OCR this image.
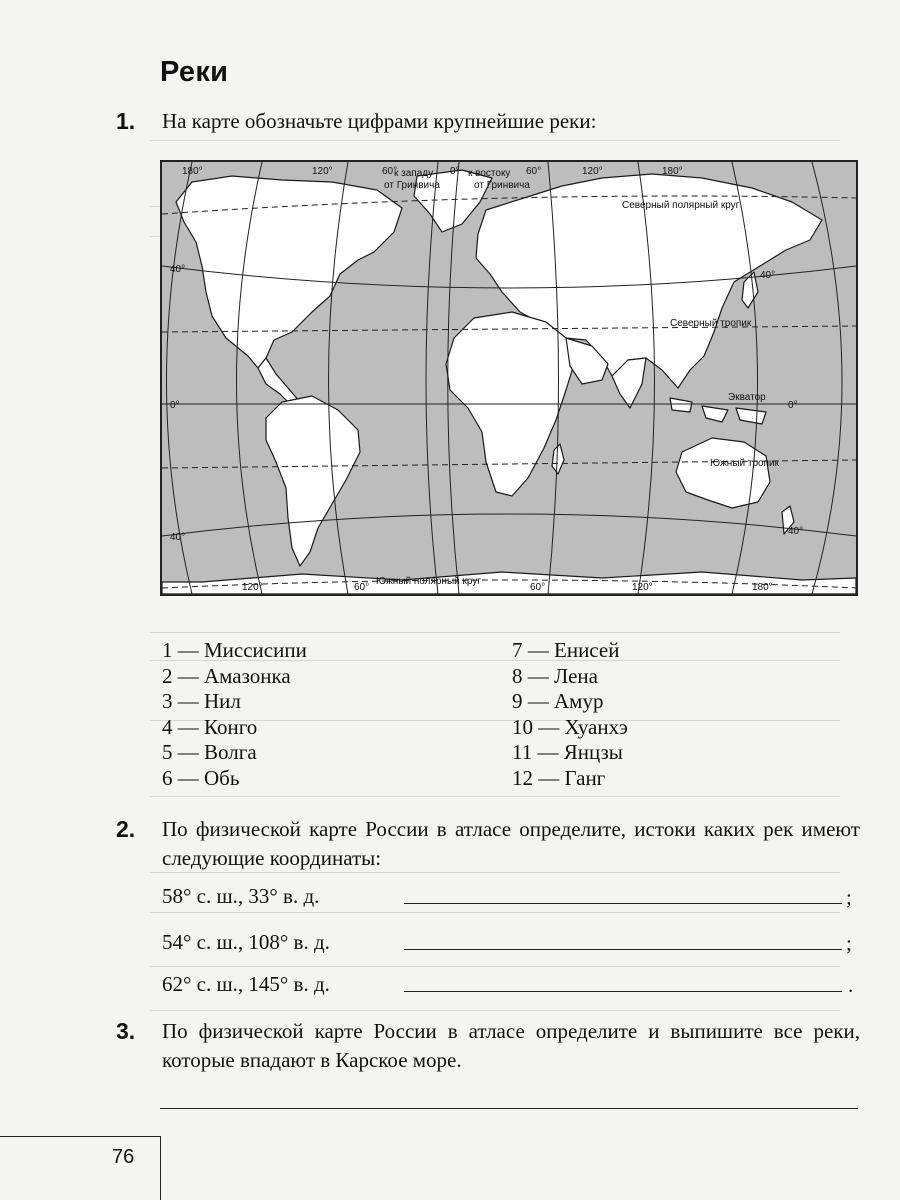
Реки
1. На карте обозначьте цифрами крупнейшие реки:
180°	120°	60°	0°
к западу
от Гринвича
к востоку
от Гринвича
60°	120°	180°
Северный полярный круг
40°
40°
Северный тропик
0°	0°
Экватор
Южный тропик
40°
40°
120°	60°
Южный полярный круг
60°	120°	180°
1 — Миссисипи
2 — Амазонка
3 — Нил
4 — Конго
5 — Волга
6 — Обь
7 — Енисей
8 — Лена
9 — Амур
10 — Хуанхэ
11 — Янцзы
12 — Ганг
2. По физической карте России в атласе определите, истоки каких рек имеют следующие координаты:
58° с. ш., 33° в. д.	;
54° с. ш., 108° в. д.	;
62° с. ш., 145° в. д.	.
3. По физической карте России в атласе определите и выпишите все реки, которые впадают в Карское море.
76
